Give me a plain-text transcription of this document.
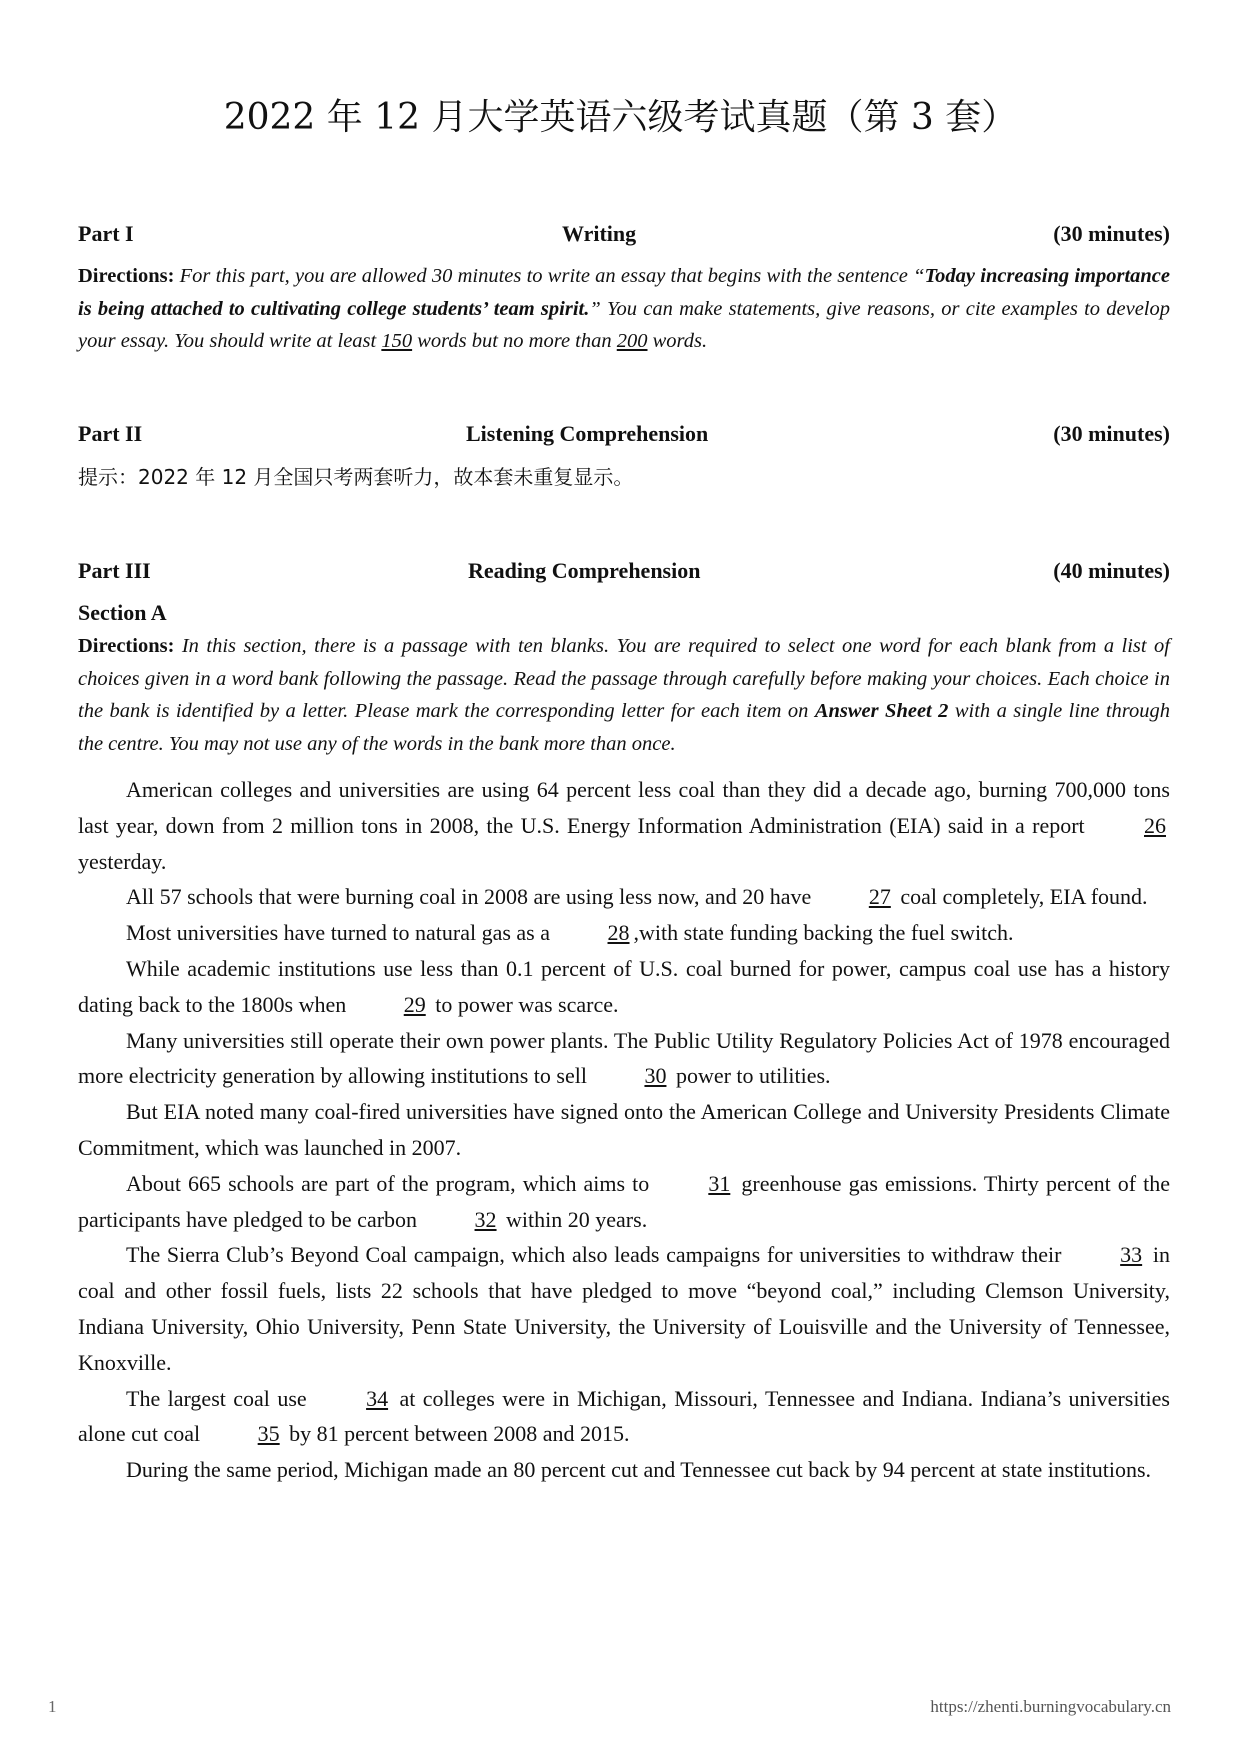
2022 年 12 月大学英语六级考试真题（第 3 套）
Part I	Writing	(30 minutes)
Directions: For this part, you are allowed 30 minutes to write an essay that begins with the sentence “Today increasing importance is being attached to cultivating college students’ team spirit.” You can make statements, give reasons, or cite examples to develop your essay. You should write at least 150 words but no more than 200 words.
Part II	Listening Comprehension	(30 minutes)
提示：2022 年 12 月全国只考两套听力，故本套未重复显示。
Part III	Reading Comprehension	(40 minutes)
Section A
Directions: In this section, there is a passage with ten blanks. You are required to select one word for each blank from a list of choices given in a word bank following the passage. Read the passage through carefully before making your choices. Each choice in the bank is identified by a letter. Please mark the corresponding letter for each item on Answer Sheet 2 with a single line through the centre. You may not use any of the words in the bank more than once.

American colleges and universities are using 64 percent less coal than they did a decade ago, burning 700,000 tons last year, down from 2 million tons in 2008, the U.S. Energy Information Administration (EIA) said in a report 26 yesterday.

All 57 schools that were burning coal in 2008 are using less now, and 20 have 27 coal completely, EIA found.

Most universities have turned to natural gas as a 28 ,with state funding backing the fuel switch.

While academic institutions use less than 0.1 percent of U.S. coal burned for power, campus coal use has a history dating back to the 1800s when 29 to power was scarce.

Many universities still operate their own power plants. The Public Utility Regulatory Policies Act of 1978 encouraged more electricity generation by allowing institutions to sell 30 power to utilities.

But EIA noted many coal-fired universities have signed onto the American College and University Presidents Climate Commitment, which was launched in 2007.

About 665 schools are part of the program, which aims to 31 greenhouse gas emissions. Thirty percent of the participants have pledged to be carbon 32 within 20 years.

The Sierra Club’s Beyond Coal campaign, which also leads campaigns for universities to withdraw their 33 in coal and other fossil fuels, lists 22 schools that have pledged to move “beyond coal,” including Clemson University, Indiana University, Ohio University, Penn State University, the University of Louisville and the University of Tennessee, Knoxville.

The largest coal use 34 at colleges were in Michigan, Missouri, Tennessee and Indiana. Indiana’s universities alone cut coal 35 by 81 percent between 2008 and 2015.

During the same period, Michigan made an 80 percent cut and Tennessee cut back by 94 percent at state institutions.

1	https://zhenti.burningvocabulary.cn
